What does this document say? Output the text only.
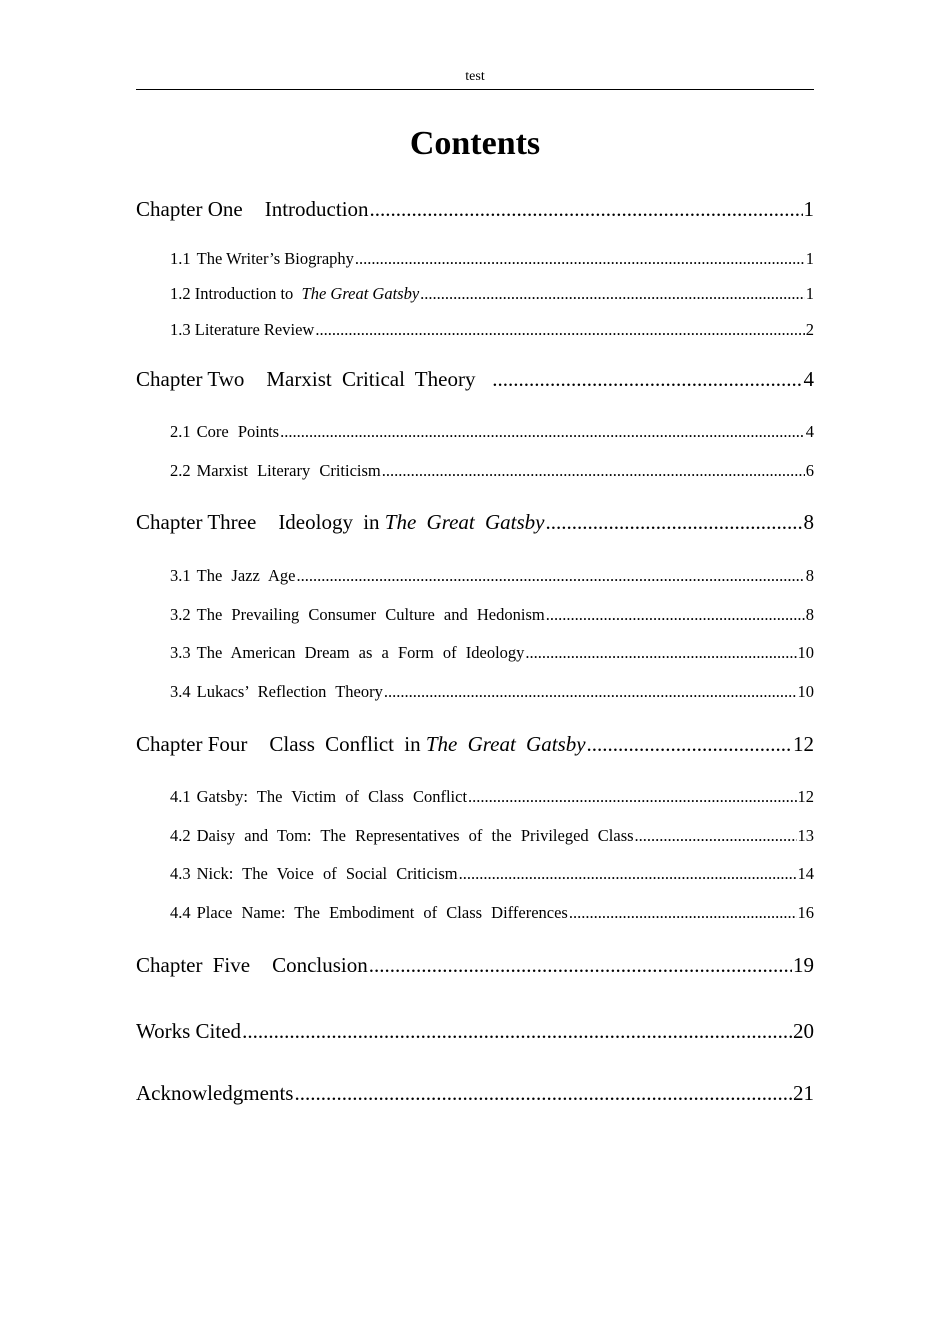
test
Contents
Chapter One Introduction .....	1
1.1 The Writer’s Biography .....	1
1.2 Introduction to The Great Gatsby .....	1
1.3 Literature Review .....	2
Chapter Two Marxist Critical Theory .....	4
2.1 Core Points .....	4
2.2 Marxist Literary Criticism .....	6
Chapter Three Ideology in The Great Gatsby .....	8
3.1 The Jazz Age .....	8
3.2 The Prevailing Consumer Culture and Hedonism .....	8
3.3 The American Dream as a Form of Ideology .....	10
3.4 Lukacs’ Reflection Theory .....	10
Chapter Four Class Conflict in The Great Gatsby .....	12
4.1 Gatsby: The Victim of Class Conflict .....	12
4.2 Daisy and Tom: The Representatives of the Privileged Class .....	13
4.3 Nick: The Voice of Social Criticism .....	14
4.4 Place Name: The Embodiment of Class Differences .....	16
Chapter Five Conclusion .....	19
Works Cited .....	20
Acknowledgments .....	21
